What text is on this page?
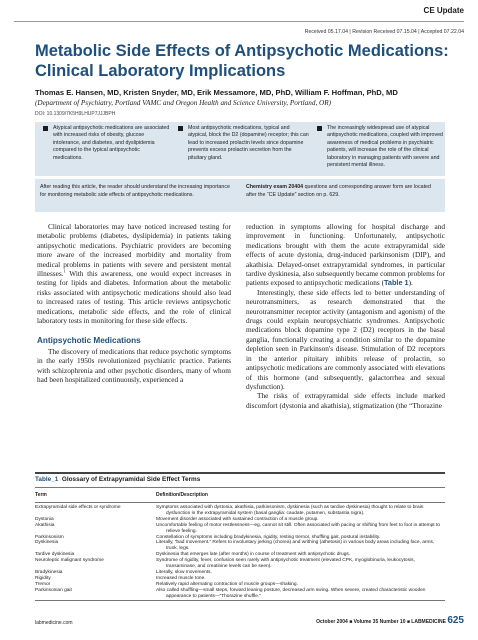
CE Update
Received 05.17.04 | Revision Received 07.15.04 | Accepted 07.22.04
Metabolic Side Effects of Antipsychotic Medications: Clinical Laboratory Implications
Thomas E. Hansen, MD, Kristen Snyder, MD, Erik Messamore, MD, PhD, William F. Hoffman, PhD, MD
(Department of Psychiatry, Portland VAMC and Oregon Health and Science University, Portland, OR)
DOI: 10.1309/7K5H9LHUP7JJJBPH
Atypical antipsychotic medications are associated with increased risks of obesity, glucose intolerance, and diabetes, and dyslipidemia compared to the typical antipsychotic medications.
Most antipsychotic medications, typical and atypical, block the D2 (dopamine) receptor; this can lead to increased prolactin levels since dopamine prevents excess prolactin secretion from the pituitary gland.
The increasingly widespread use of atypical antipsychotic medications, coupled with improved awareness of medical problems in psychiatric patients, will increase the role of the clinical laboratory in managing patients with severe and persistent mental illness.
After reading this article, the reader should understand the increasing importance for monitoring metabolic side effects of antipsychotic medications.
Chemistry exam 20404 questions and corresponding answer form are located after the “CE Update” section on p. 629.

Clinical laboratories may have noticed increased testing for metabolic problems (diabetes, dyslipidemia) in patients taking antipsychotic medications. Psychiatric providers are becoming more aware of the increased morbidity and mortality from medical problems in patients with severe and persistent mental illnesses.$^1$ With this awareness, one would expect increases in testing for lipids and diabetes. Information about the metabolic risks associated with antipsychotic medications should also lead to increased rates of testing. This article reviews antipsychotic medications, metabolic side effects, and the role of clinical laboratory tests in monitoring for these side effects.

Antipsychotic Medications

The discovery of medications that reduce psychotic symptoms in the early 1950s revolutionized psychiatric practice. Patients with schizophrenia and other psychotic disorders, many of whom had been hospitalized continuously, experienced a

reduction in symptoms allowing for hospital discharge and improvement in functioning. Unfortunately, antipsychotic medications brought with them the acute extrapyramidal side effects of acute dystonia, drug-induced parkinsonism (DIP), and akathisia. Delayed-onset extrapyramidal syndromes, in particular tardive dyskinesia, also subsequently became common problems for patients exposed to antipsychotic medications (Table 1).

Interestingly, these side effects led to better understanding of neurotransmitters, as research demonstrated that the neurotransmitter receptor activity (antagonism and agonism) of the drugs could explain neuropsychiatric syndromes. Antipsychotic medications block dopamine type 2 (D2) receptors in the basal ganglia, functionally creating a condition similar to the dopamine depletion seen in Parkinson's disease. Stimulation of D2 receptors in the anterior pituitary inhibits release of prolactin, so antipsychotic medications are commonly associated with elevations of this hormone (and subsequently, galactorrhea and sexual dysfunction).

The risks of extrapyramidal side effects include marked discomfort (dystonia and akathisia), stigmatization (the “Thorazine

Table_1 Glossary of Extrapyramidal Side Effect Terms
Term	Definition/Description
Extrapyramidal side effects or syndrome	Symptoms associated with dystonia, akathisia, parkinsonism, dyskinesia (such as tardive dyskinesia) thought to relate to brain dysfunction in the extrapyramidal system (basal ganglia: caudate, putamen, substantia nigra).
Dystonia	Movement disorder associated with sustained contraction of a muscle group.
Akathisia	Uncomfortable feeling of motor restlessness—eg, cannot sit still. Often associated with pacing or shifting from feet to foot in attempt to relieve feeling.
Parkinsonism	Constellation of symptoms including bradykinesia, rigidity, resting tremor, shuffling gait, postural instability.
Dyskinesia	Literally, “bad movement.” Refers to involuntary jerking (chorea) and writhing (athetosis) in various body areas including face, arms, trunk, legs.
Tardive dyskinesia	Dyskinesia that emerges late (after months) in course of treatment with antipsychotic drugs.
Neuroleptic malignant syndrome	Syndrome of rigidity, fever, confusion seen rarely with antipsychotic treatment (elevated CPK, myoglobinuria, leukocytosis, transaminase, and creatinine levels can be seen).
Bradykinesia	Literally, slow movements.
Rigidity	Increased muscle tone.
Tremor	Relatively rapid alternating contraction of muscle groups—shaking.
Parkinsonian gait	Also called shuffling—small steps, forward leaning posture, decreased arm swing. When severe, created characteristic wooden appearance to patients—“Thorazine shuffle.”
labmedicine.com	October 2004 ■ Volume 35 Number 10 ■ LABMEDICINE 625
